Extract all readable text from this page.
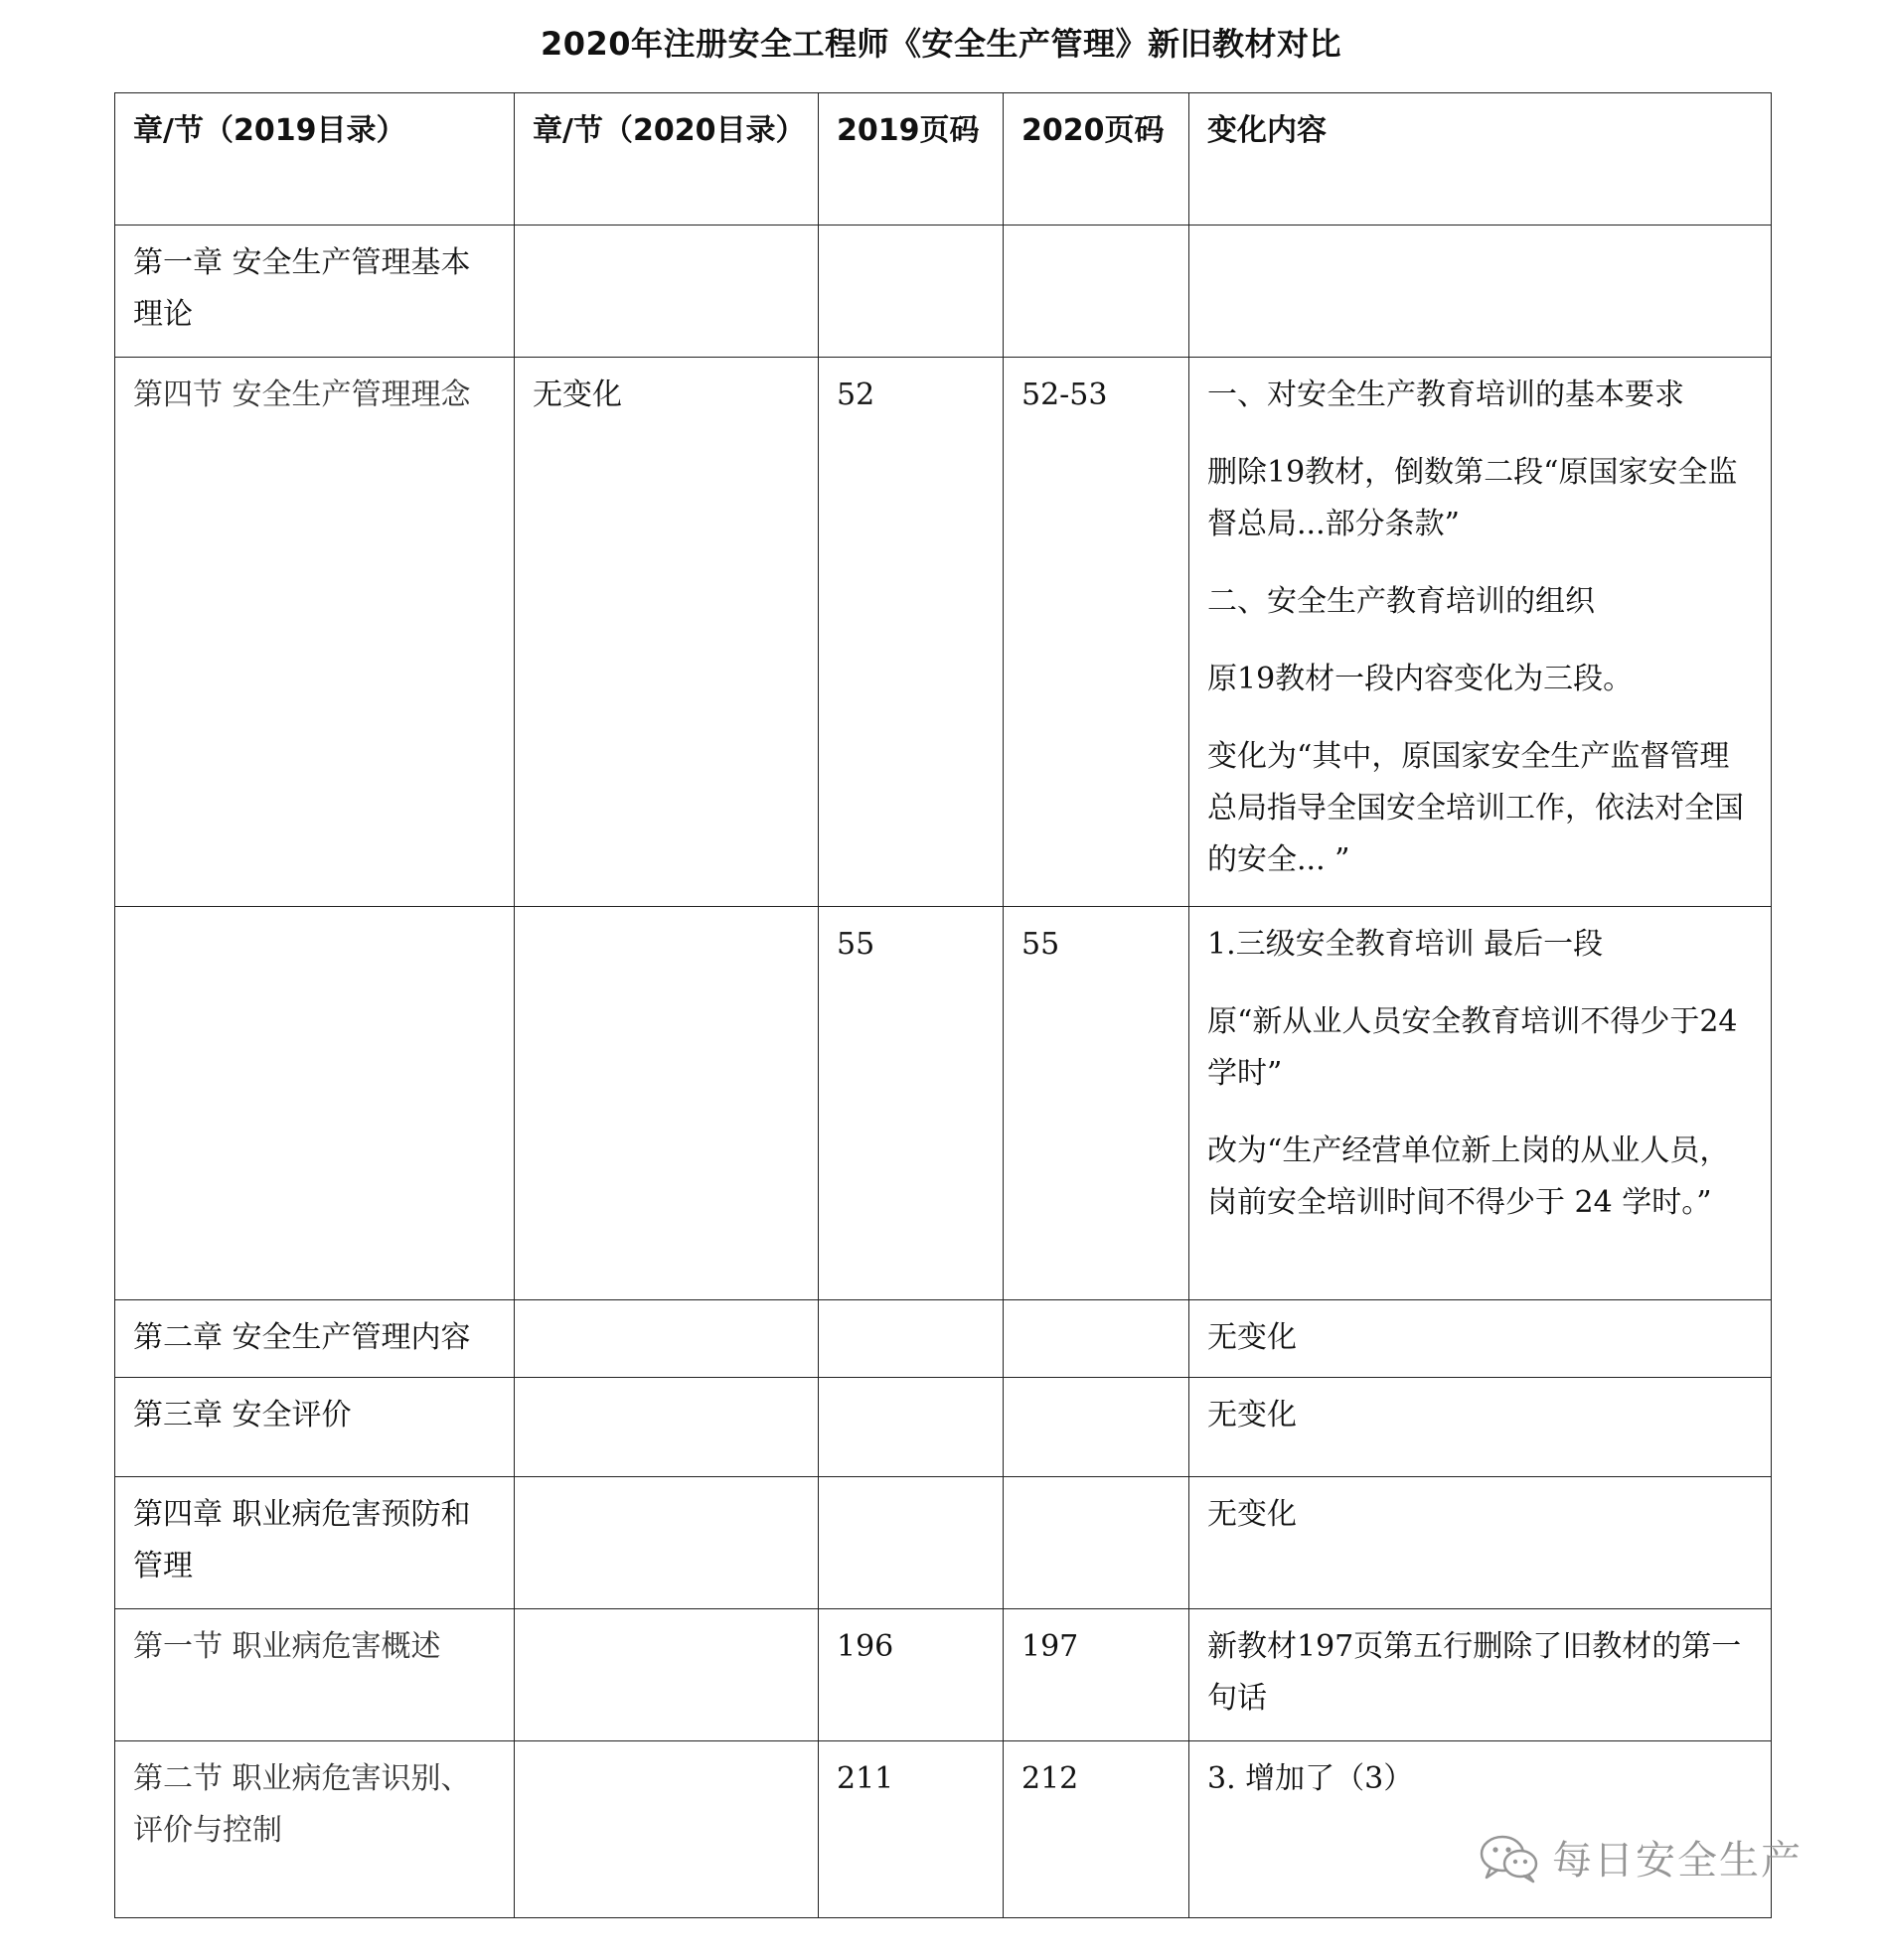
2020年注册安全工程师《安全生产管理》新旧教材对比
章/节（2019目录）	章/节（2020目录）	2019页码	2020页码	变化内容
第一章 安全生产管理基本理论				
第四节 安全生产管理理念	无变化	52	52-53	一、对安全生产教育培训的基本要求

删除19教材，倒数第二段“原国家安全监督总局...部分条款”

二、安全生产教育培训的组织

原19教材一段内容变化为三段。

变化为“其中，原国家安全生产监督管理总局指导全国安全培训工作，依法对全国的安全... ”

		55	55	1.三级安全教育培训 最后一段

原“新从业人员安全教育培训不得少于24学时”

改为“生产经营单位新上岗的从业人员，岗前安全培训时间不得少于 24 学时。”

第二章 安全生产管理内容				无变化
第三章 安全评价				无变化
第四章 职业病危害预防和管理				无变化
第一节 职业病危害概述		196	197	新教材197页第五行删除了旧教材的第一句话
第二节 职业病危害识别、评价与控制		211	212	3. 增加了（3）
每日安全生产
